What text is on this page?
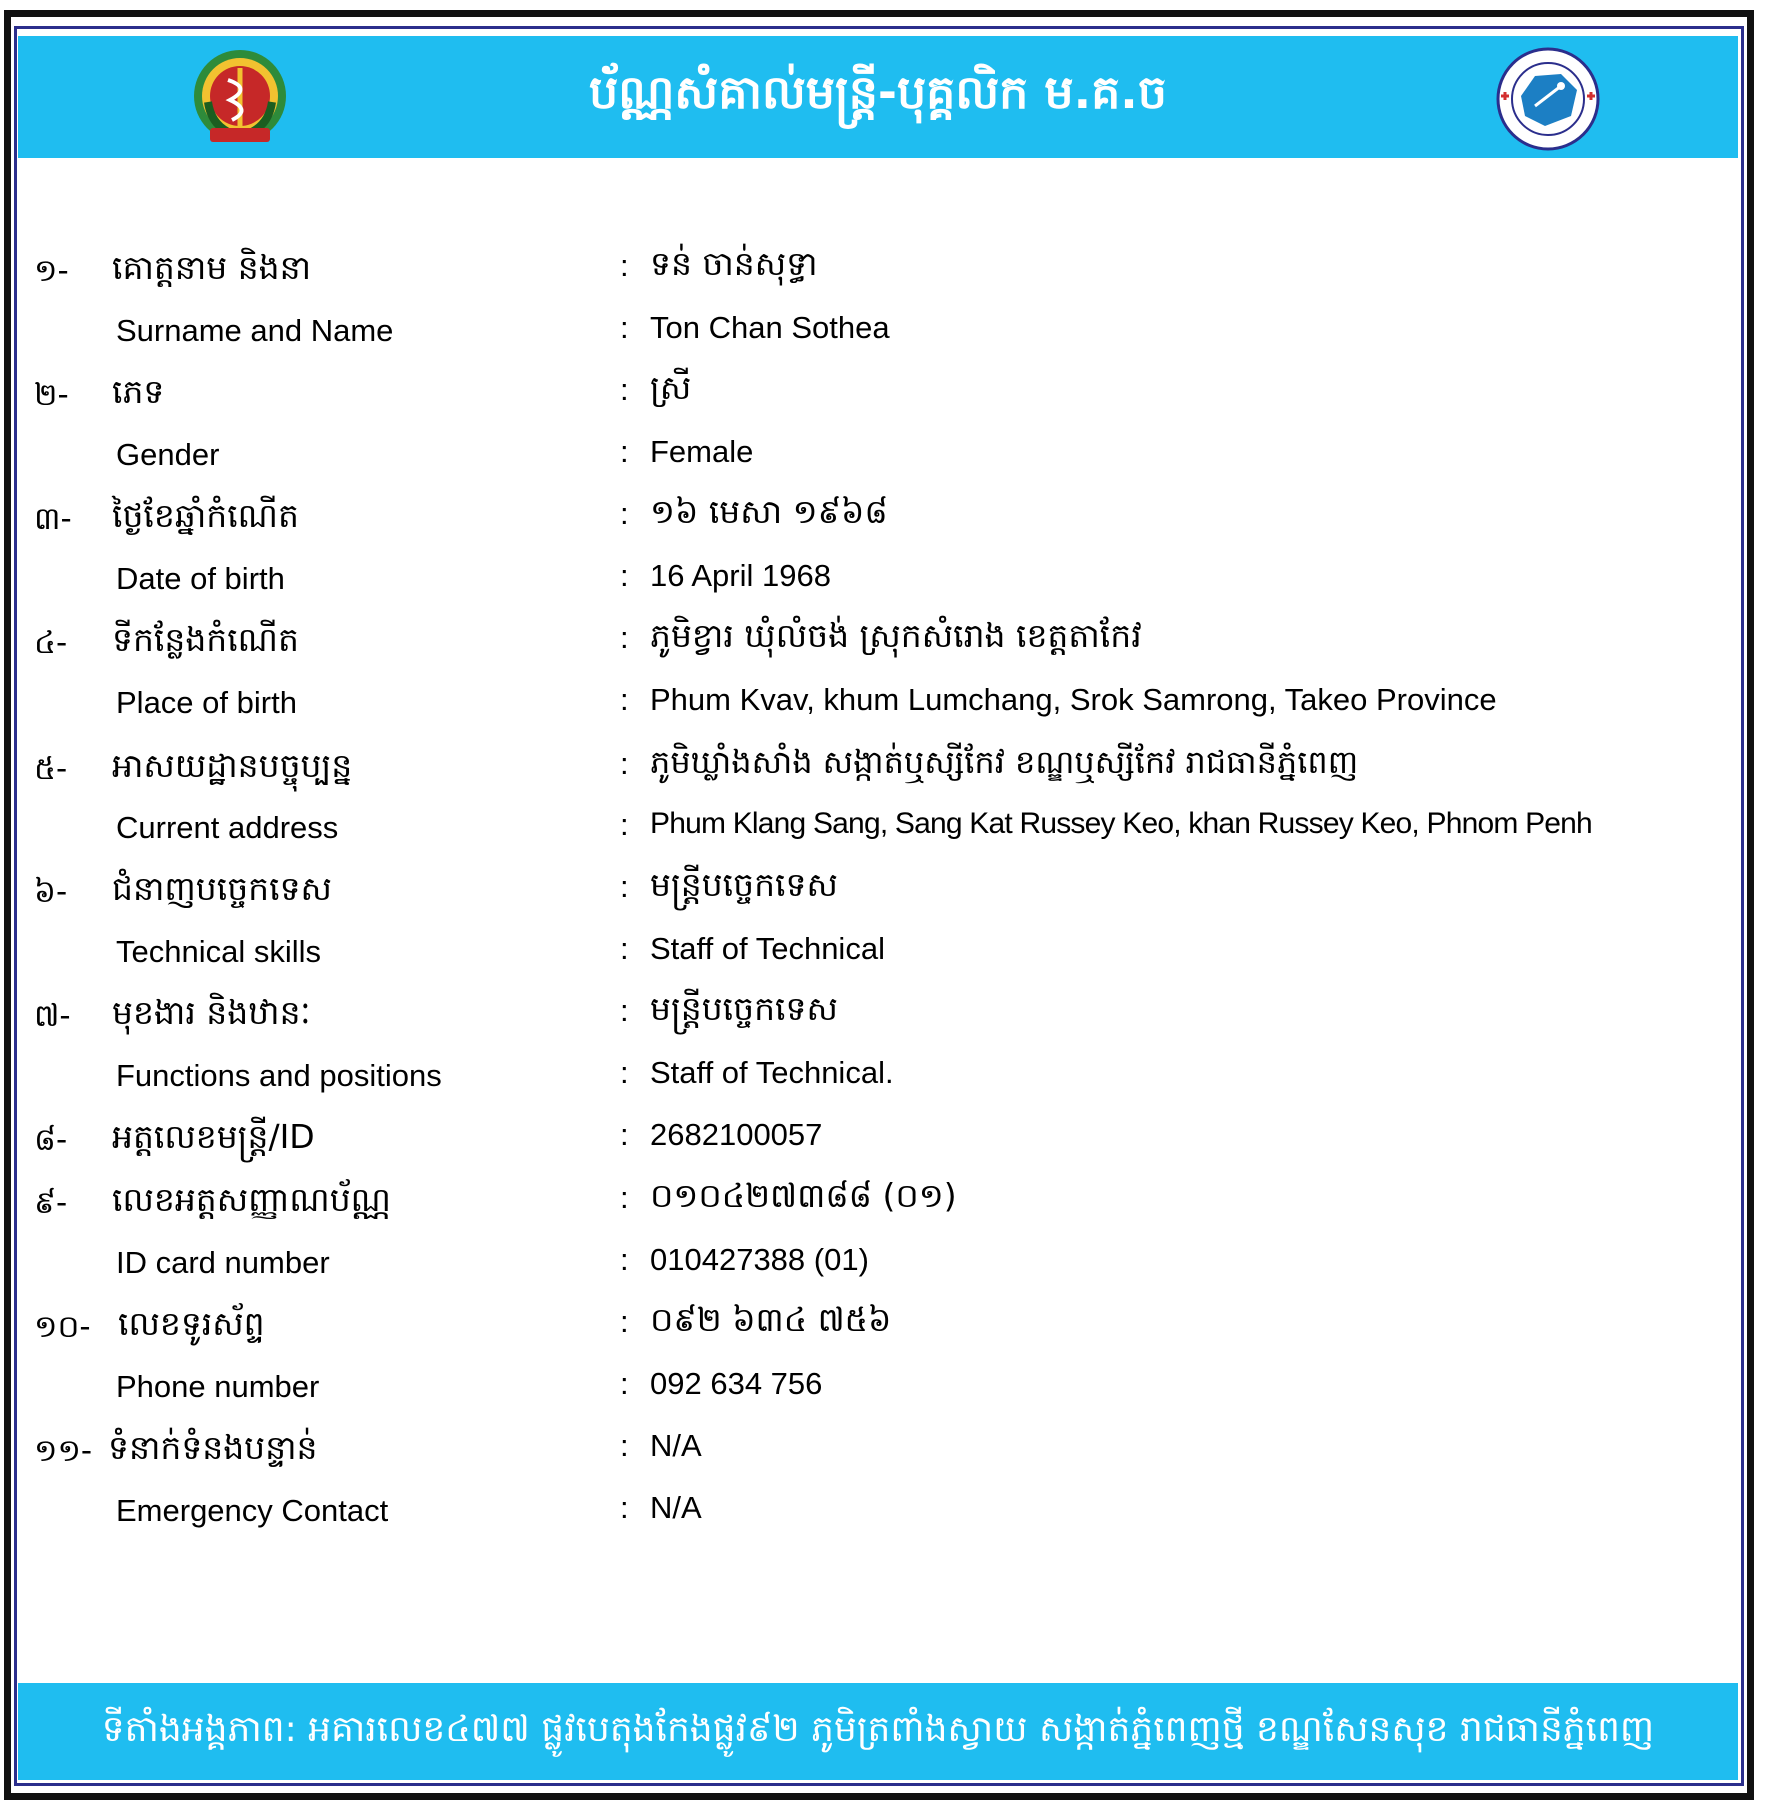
ប័ណ្ណសំគាល់មន្ត្រី-បុគ្គលិក ម.គ.ច
១- គោត្តនាម និងនា	: ទន់ ចាន់សុទ្ធា
Surname and Name	: Ton Chan Sothea
២- ភេទ	: ស្រី
Gender	: Female
៣- ថ្ងៃខែឆ្នាំកំណើត	: ១៦ មេសា ១៩៦៨
Date of birth	: 16 April 1968
៤- ទីកន្លែងកំណើត	: ភូមិខ្វារ ឃុំលំចង់ ស្រុកសំរោង ខេត្តតាកែវ
Place of birth	: Phum Kvav, khum Lumchang, Srok Samrong, Takeo Province
៥- អាសយដ្ឋានបច្ចុប្បន្ន	: ភូមិឃ្លាំងសាំង សង្កាត់ឬស្សីកែវ ខណ្ឌឬស្សីកែវ រាជធានីភ្នំពេញ
Current address	: Phum Klang Sang, Sang Kat Russey Keo, khan Russey Keo, Phnom Penh
៦- ជំនាញបច្ចេកទេស	: មន្ត្រីបច្ចេកទេស
Technical skills	: Staff of Technical
៧- មុខងារ និងឋានៈ	: មន្ត្រីបច្ចេកទេស
Functions and positions	: Staff of Technical.
៨- អត្តលេខមន្ត្រី/ID	: 2682100057
៩- លេខអត្តសញ្ញាណប័ណ្ណ	: ០១០៤២៧៣៨៨ (០១)
ID card number	: 010427388 (01)
១០- លេខទូរស័ព្ទ	: ០៩២ ៦៣៤ ៧៥៦
Phone number	: 092 634 756
១១- ទំនាក់ទំនងបន្ទាន់	: N/A
Emergency Contact	: N/A
ទីតាំងអង្គភាព: អគារលេខ៤៧៧ ផ្លូវបេតុងកែងផ្លូវ៩២ ភូមិត្រពាំងស្វាយ សង្កាត់ភ្នំពេញថ្មី ខណ្ឌសែនសុខ រាជធានីភ្នំពេញ
